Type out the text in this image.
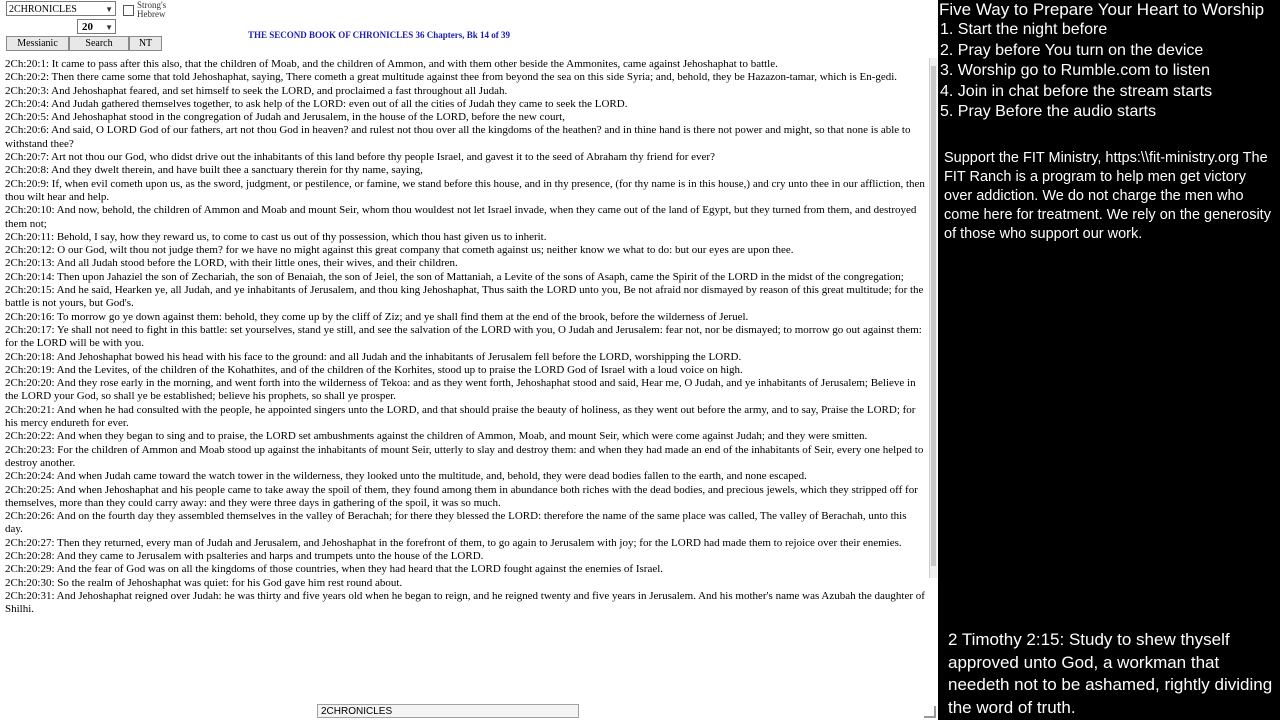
2CHRONICLES	▼	Strong's Hebrew
20 ▼
THE SECOND BOOK OF CHRONICLES 36 Chapters, Bk 14 of 39
Messianic	Search	NT
2Ch:20:1: It came to pass after this also, that the children of Moab, and the children of Ammon, and with them other beside the Ammonites, came against Jehoshaphat to battle.
2Ch:20:2: Then there came some that told Jehoshaphat, saying, There cometh a great multitude against thee from beyond the sea on this side Syria; and, behold, they be Hazazon-tamar, which is En-gedi.
2Ch:20:3: And Jehoshaphat feared, and set himself to seek the LORD, and proclaimed a fast throughout all Judah.
2Ch:20:4: And Judah gathered themselves together, to ask help of the LORD: even out of all the cities of Judah they came to seek the LORD.
2Ch:20:5: And Jehoshaphat stood in the congregation of Judah and Jerusalem, in the house of the LORD, before the new court,
2Ch:20:6: And said, O LORD God of our fathers, art not thou God in heaven? and rulest not thou over all the kingdoms of the heathen? and in thine hand is there not power and might, so that none is able to withstand thee?
2Ch:20:7: Art not thou our God, who didst drive out the inhabitants of this land before thy people Israel, and gavest it to the seed of Abraham thy friend for ever?
2Ch:20:8: And they dwelt therein, and have built thee a sanctuary therein for thy name, saying,
2Ch:20:9: If, when evil cometh upon us, as the sword, judgment, or pestilence, or famine, we stand before this house, and in thy presence, (for thy name is in this house,) and cry unto thee in our affliction, then thou wilt hear and help.
2Ch:20:10: And now, behold, the children of Ammon and Moab and mount Seir, whom thou wouldest not let Israel invade, when they came out of the land of Egypt, but they turned from them, and destroyed them not;
2Ch:20:11: Behold, I say, how they reward us, to come to cast us out of thy possession, which thou hast given us to inherit.
2Ch:20:12: O our God, wilt thou not judge them? for we have no might against this great company that cometh against us; neither know we what to do: but our eyes are upon thee.
2Ch:20:13: And all Judah stood before the LORD, with their little ones, their wives, and their children.
2Ch:20:14: Then upon Jahaziel the son of Zechariah, the son of Benaiah, the son of Jeiel, the son of Mattaniah, a Levite of the sons of Asaph, came the Spirit of the LORD in the midst of the congregation;
2Ch:20:15: And he said, Hearken ye, all Judah, and ye inhabitants of Jerusalem, and thou king Jehoshaphat, Thus saith the LORD unto you, Be not afraid nor dismayed by reason of this great multitude; for the battle is not yours, but God's.
2Ch:20:16: To morrow go ye down against them: behold, they come up by the cliff of Ziz; and ye shall find them at the end of the brook, before the wilderness of Jeruel.
2Ch:20:17: Ye shall not need to fight in this battle: set yourselves, stand ye still, and see the salvation of the LORD with you, O Judah and Jerusalem: fear not, nor be dismayed; to morrow go out against them: for the LORD will be with you.
2Ch:20:18: And Jehoshaphat bowed his head with his face to the ground: and all Judah and the inhabitants of Jerusalem fell before the LORD, worshipping the LORD.
2Ch:20:19: And the Levites, of the children of the Kohathites, and of the children of the Korhites, stood up to praise the LORD God of Israel with a loud voice on high.
2Ch:20:20: And they rose early in the morning, and went forth into the wilderness of Tekoa: and as they went forth, Jehoshaphat stood and said, Hear me, O Judah, and ye inhabitants of Jerusalem; Believe in the LORD your God, so shall ye be established; believe his prophets, so shall ye prosper.
2Ch:20:21: And when he had consulted with the people, he appointed singers unto the LORD, and that should praise the beauty of holiness, as they went out before the army, and to say, Praise the LORD; for his mercy endureth for ever.
2Ch:20:22: And when they began to sing and to praise, the LORD set ambushments against the children of Ammon, Moab, and mount Seir, which were come against Judah; and they were smitten.
2Ch:20:23: For the children of Ammon and Moab stood up against the inhabitants of mount Seir, utterly to slay and destroy them: and when they had made an end of the inhabitants of Seir, every one helped to destroy another.
2Ch:20:24: And when Judah came toward the watch tower in the wilderness, they looked unto the multitude, and, behold, they were dead bodies fallen to the earth, and none escaped.
2Ch:20:25: And when Jehoshaphat and his people came to take away the spoil of them, they found among them in abundance both riches with the dead bodies, and precious jewels, which they stripped off for themselves, more than they could carry away: and they were three days in gathering of the spoil, it was so much.
2Ch:20:26: And on the fourth day they assembled themselves in the valley of Berachah; for there they blessed the LORD: therefore the name of the same place was called, The valley of Berachah, unto this day.
2Ch:20:27: Then they returned, every man of Judah and Jerusalem, and Jehoshaphat in the forefront of them, to go again to Jerusalem with joy; for the LORD had made them to rejoice over their enemies.
2Ch:20:28: And they came to Jerusalem with psalteries and harps and trumpets unto the house of the LORD.
2Ch:20:29: And the fear of God was on all the kingdoms of those countries, when they had heard that the LORD fought against the enemies of Israel.
2Ch:20:30: So the realm of Jehoshaphat was quiet: for his God gave him rest round about.
2Ch:20:31: And Jehoshaphat reigned over Judah: he was thirty and five years old when he began to reign, and he reigned twenty and five years in Jerusalem. And his mother's name was Azubah the daughter of Shilhi.
2CHRONICLES
Five Way to Prepare Your Heart to Worship
1. Start the night before
2. Pray before You turn on the device
3. Worship go to Rumble.com to listen
4. Join in chat before the stream starts
5. Pray Before the audio starts
Support the FIT Ministry, https:\\fit-ministry.org The FIT Ranch is a program to help men get victory over addiction. We do not charge the men who come here for treatment. We rely on the generosity of those who support our work.
2 Timothy 2:15: Study to shew thyself approved unto God, a workman that needeth not to be ashamed, rightly dividing the word of truth.
